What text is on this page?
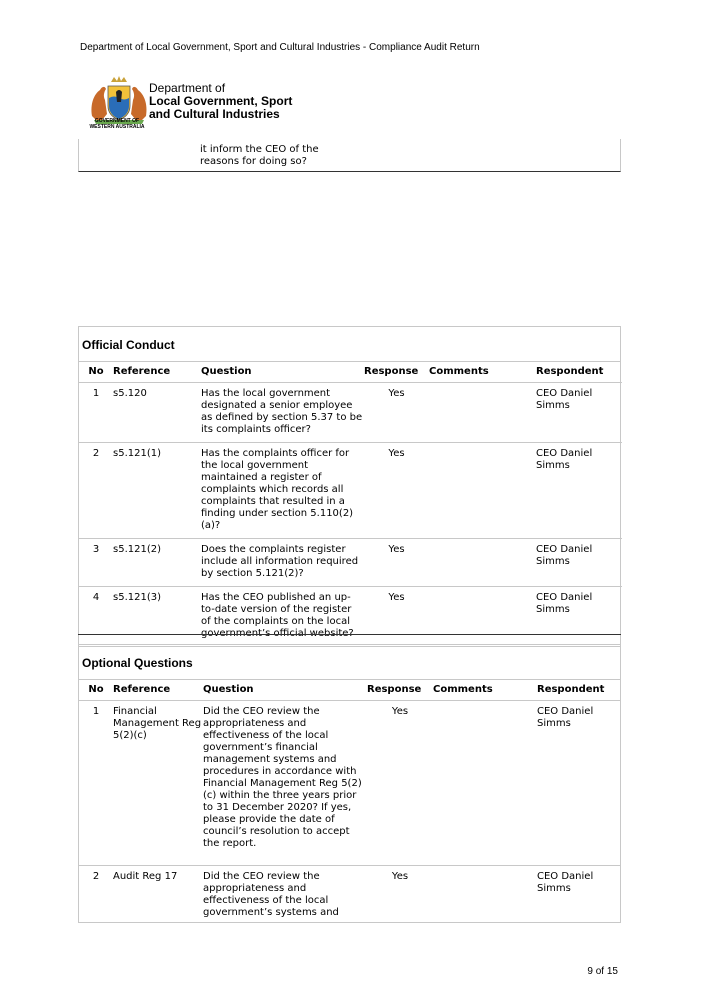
Department of Local Government, Sport and Cultural Industries - Compliance Audit Return
GOVERNMENT OF
WESTERN AUSTRALIA
Department of
Local Government, Sport
and Cultural Industries
it inform the CEO of the reasons for doing so?
Official Conduct
No	Reference	Question	Response	Comments	Respondent

1	s5.120	Has the local government designated a senior employee as defined by section 5.37 to be its complaints officer?	Yes		CEO Daniel Simms

2	s5.121(1)	Has the complaints officer for the local government maintained a register of complaints which records all complaints that resulted in a finding under section 5.110(2)(a)?	Yes		CEO Daniel Simms

3	s5.121(2)	Does the complaints register include all information required by section 5.121(2)?	Yes		CEO Daniel Simms

4	s5.121(3)	Has the CEO published an up-to-date version of the register of the complaints on the local government’s official website?	Yes		CEO Daniel Simms
Optional Questions
No	Reference	Question	Response	Comments	Respondent

1	Financial Management Reg 5(2)(c)	Did the CEO review the appropriateness and effectiveness of the local government’s financial management systems and procedures in accordance with Financial Management Reg 5(2)(c) within the three years prior to 31 December 2020? If yes, please provide the date of council’s resolution to accept the report.	Yes		CEO Daniel Simms

2	Audit Reg 17	Did the CEO review the appropriateness and effectiveness of the local government’s systems and	Yes		CEO Daniel Simms
9 of 15
